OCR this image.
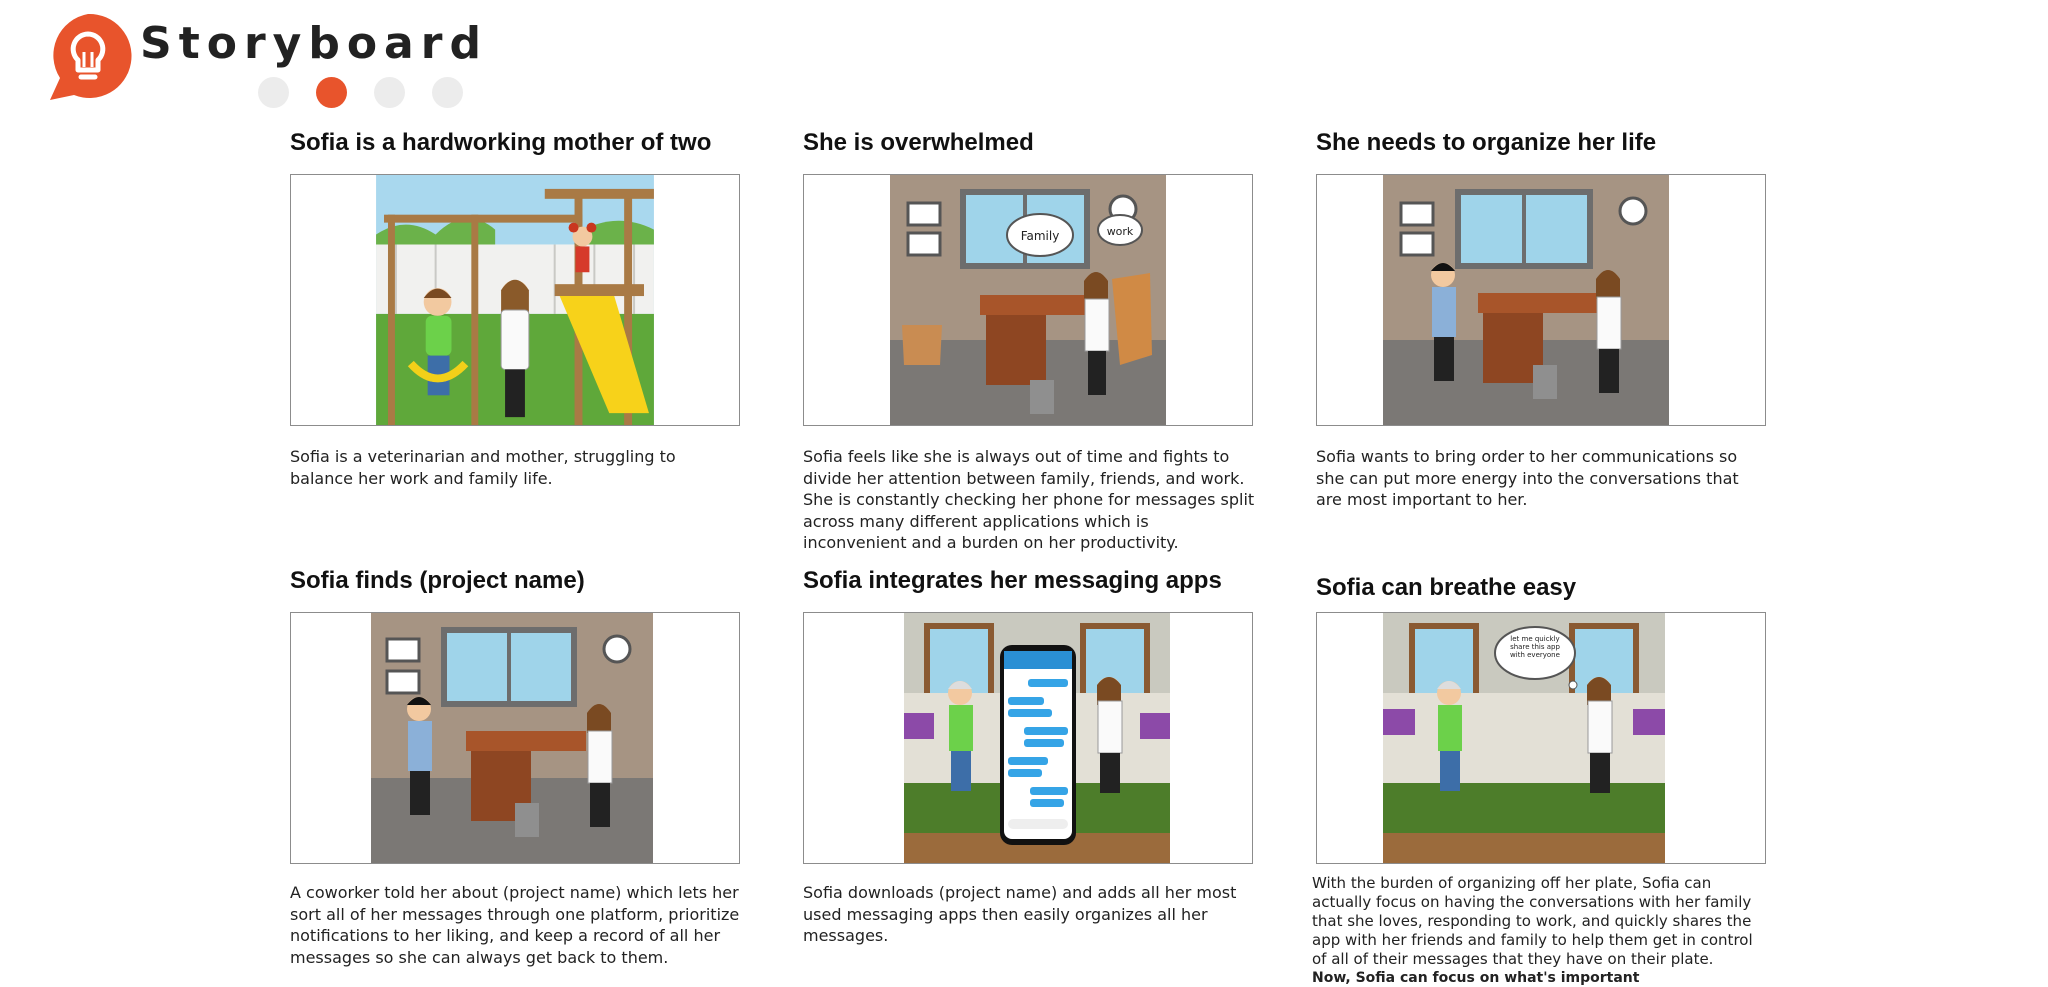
Storyboard
Sofia is a hardworking mother of two
Sofia is a veterinarian and mother, struggling to balance her work and family life.
She is overwhelmed
Family	work
Sofia feels like she is always out of time and fights to divide her attention between family, friends, and work. She is constantly checking her phone for messages split across many different applications which is inconvenient and a burden on her productivity.
She needs to organize her life
Sofia wants to bring order to her communications so she can put more energy into the conversations that are most important to her.
Sofia finds (project name)
A coworker told her about (project name) which lets her sort all of her messages through one platform, prioritize notifications to her liking, and keep a record of all her messages so she can always get back to them.
Sofia integrates her messaging apps
Sofia downloads (project name) and adds all her most used messaging apps then easily organizes all her messages.
Sofia can breathe easy
let me quickly share this app with everyone
With the burden of organizing off her plate, Sofia can actually focus on having the conversations with her family that she loves, responding to work, and quickly shares the app with her friends and family to help them get in control of all of their messages that they have on their plate.
Now, Sofia can focus on what's important
